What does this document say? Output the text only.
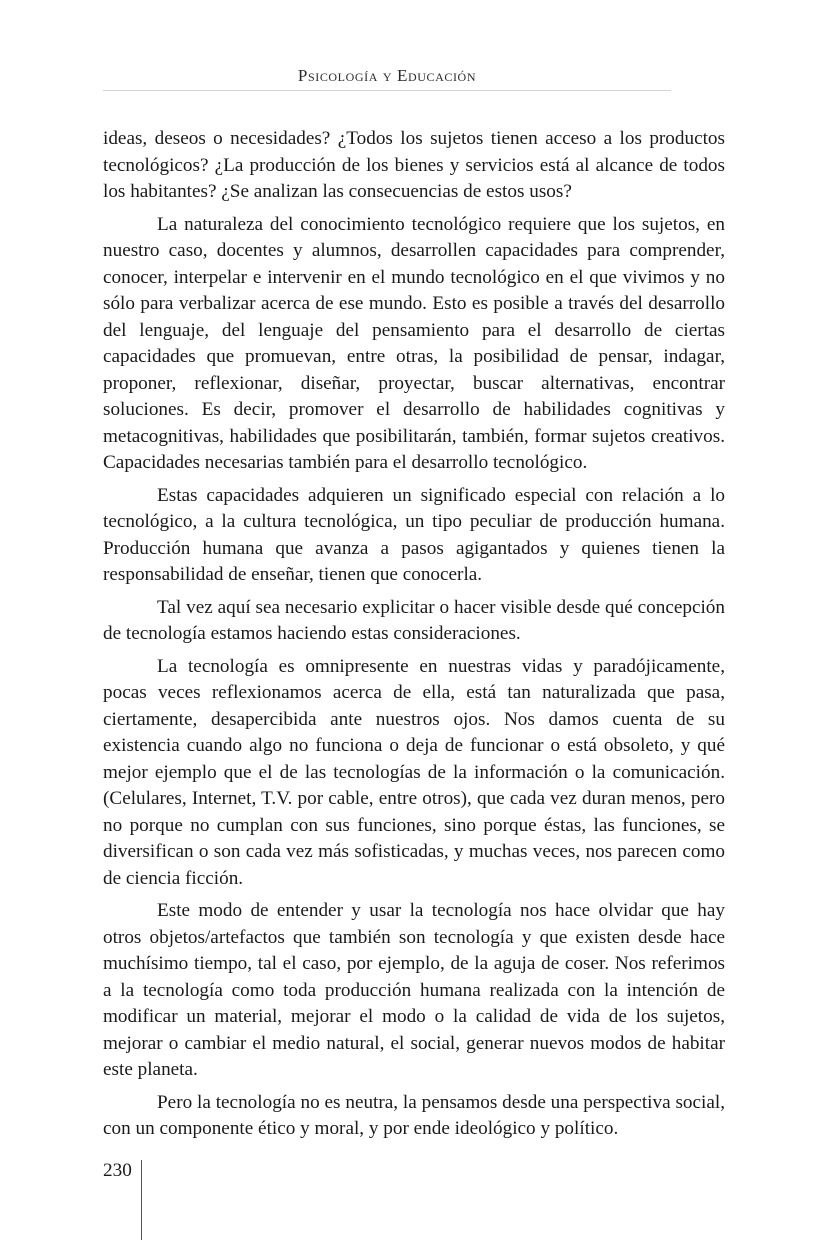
Psicología y Educación

ideas, deseos o necesidades? ¿Todos los sujetos tienen acceso a los productos tecnológicos? ¿La producción de los bienes y servicios está al alcance de todos los habitantes? ¿Se analizan las consecuencias de estos usos?

La naturaleza del conocimiento tecnológico requiere que los sujetos, en nuestro caso, docentes y alumnos, desarrollen capacidades para comprender, conocer, interpelar e intervenir en el mundo tecnológico en el que vivimos y no sólo para verbalizar acerca de ese mundo. Esto es posible a través del desarrollo del lenguaje, del lenguaje del pensamiento para el desarrollo de ciertas capacidades que promuevan, entre otras, la posibilidad de pensar, indagar, proponer, reflexionar, diseñar, proyectar, buscar alternativas, encontrar soluciones. Es decir, promover el desarrollo de habilidades cognitivas y metacognitivas, habilidades que posibilitarán, también, formar sujetos creativos. Capacidades necesarias también para el desarrollo tecnológico.

Estas capacidades adquieren un significado especial con relación a lo tecnológico, a la cultura tecnológica, un tipo peculiar de producción humana. Producción humana que avanza a pasos agigantados y quienes tienen la responsabilidad de enseñar, tienen que conocerla.

Tal vez aquí sea necesario explicitar o hacer visible desde qué concepción de tecnología estamos haciendo estas consideraciones.

La tecnología es omnipresente en nuestras vidas y paradójicamente, pocas veces reflexionamos acerca de ella, está tan naturalizada que pasa, ciertamente, desapercibida ante nuestros ojos. Nos damos cuenta de su existencia cuando algo no funciona o deja de funcionar o está obsoleto, y qué mejor ejemplo que el de las tecnologías de la información o la comunicación. (Celulares, Internet, T.V. por cable, entre otros), que cada vez duran menos, pero no porque no cumplan con sus funciones, sino porque éstas, las funciones, se diversifican o son cada vez más sofisticadas, y muchas veces, nos parecen como de ciencia ficción.

Este modo de entender y usar la tecnología nos hace olvidar que hay otros objetos/artefactos que también son tecnología y que existen desde hace muchísimo tiempo, tal el caso, por ejemplo, de la aguja de coser. Nos referimos a la tecnología como toda producción humana realizada con la intención de modificar un material, mejorar el modo o la calidad de vida de los sujetos, mejorar o cambiar el medio natural, el social, generar nuevos modos de habitar este planeta.

Pero la tecnología no es neutra, la pensamos desde una perspectiva social, con un componente ético y moral, y por ende ideológico y político.

230
